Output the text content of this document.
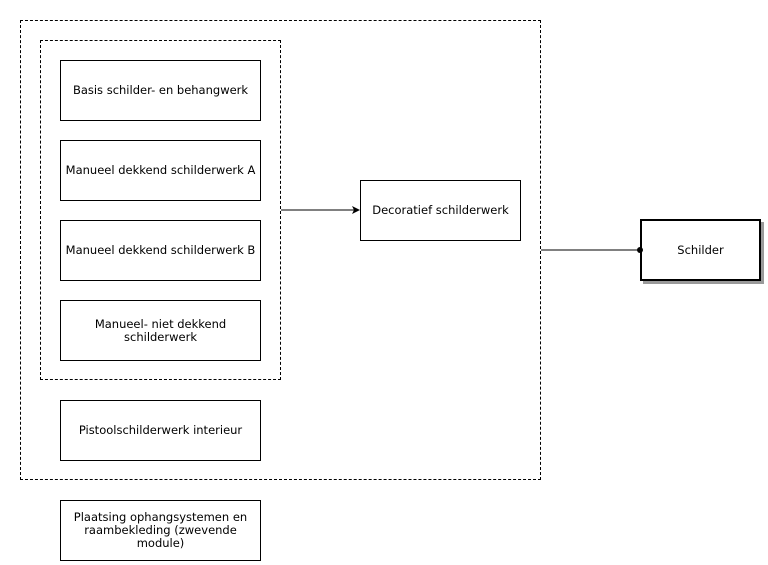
Basis schilder- en behangwerk
Manueel dekkend schilderwerk A
Manueel dekkend schilderwerk B
Manueel- niet dekkend schilderwerk
Pistoolschilderwerk interieur
Plaatsing ophangsystemen en raambekleding (zwevende module)
Decoratief schilderwerk
Schilder
